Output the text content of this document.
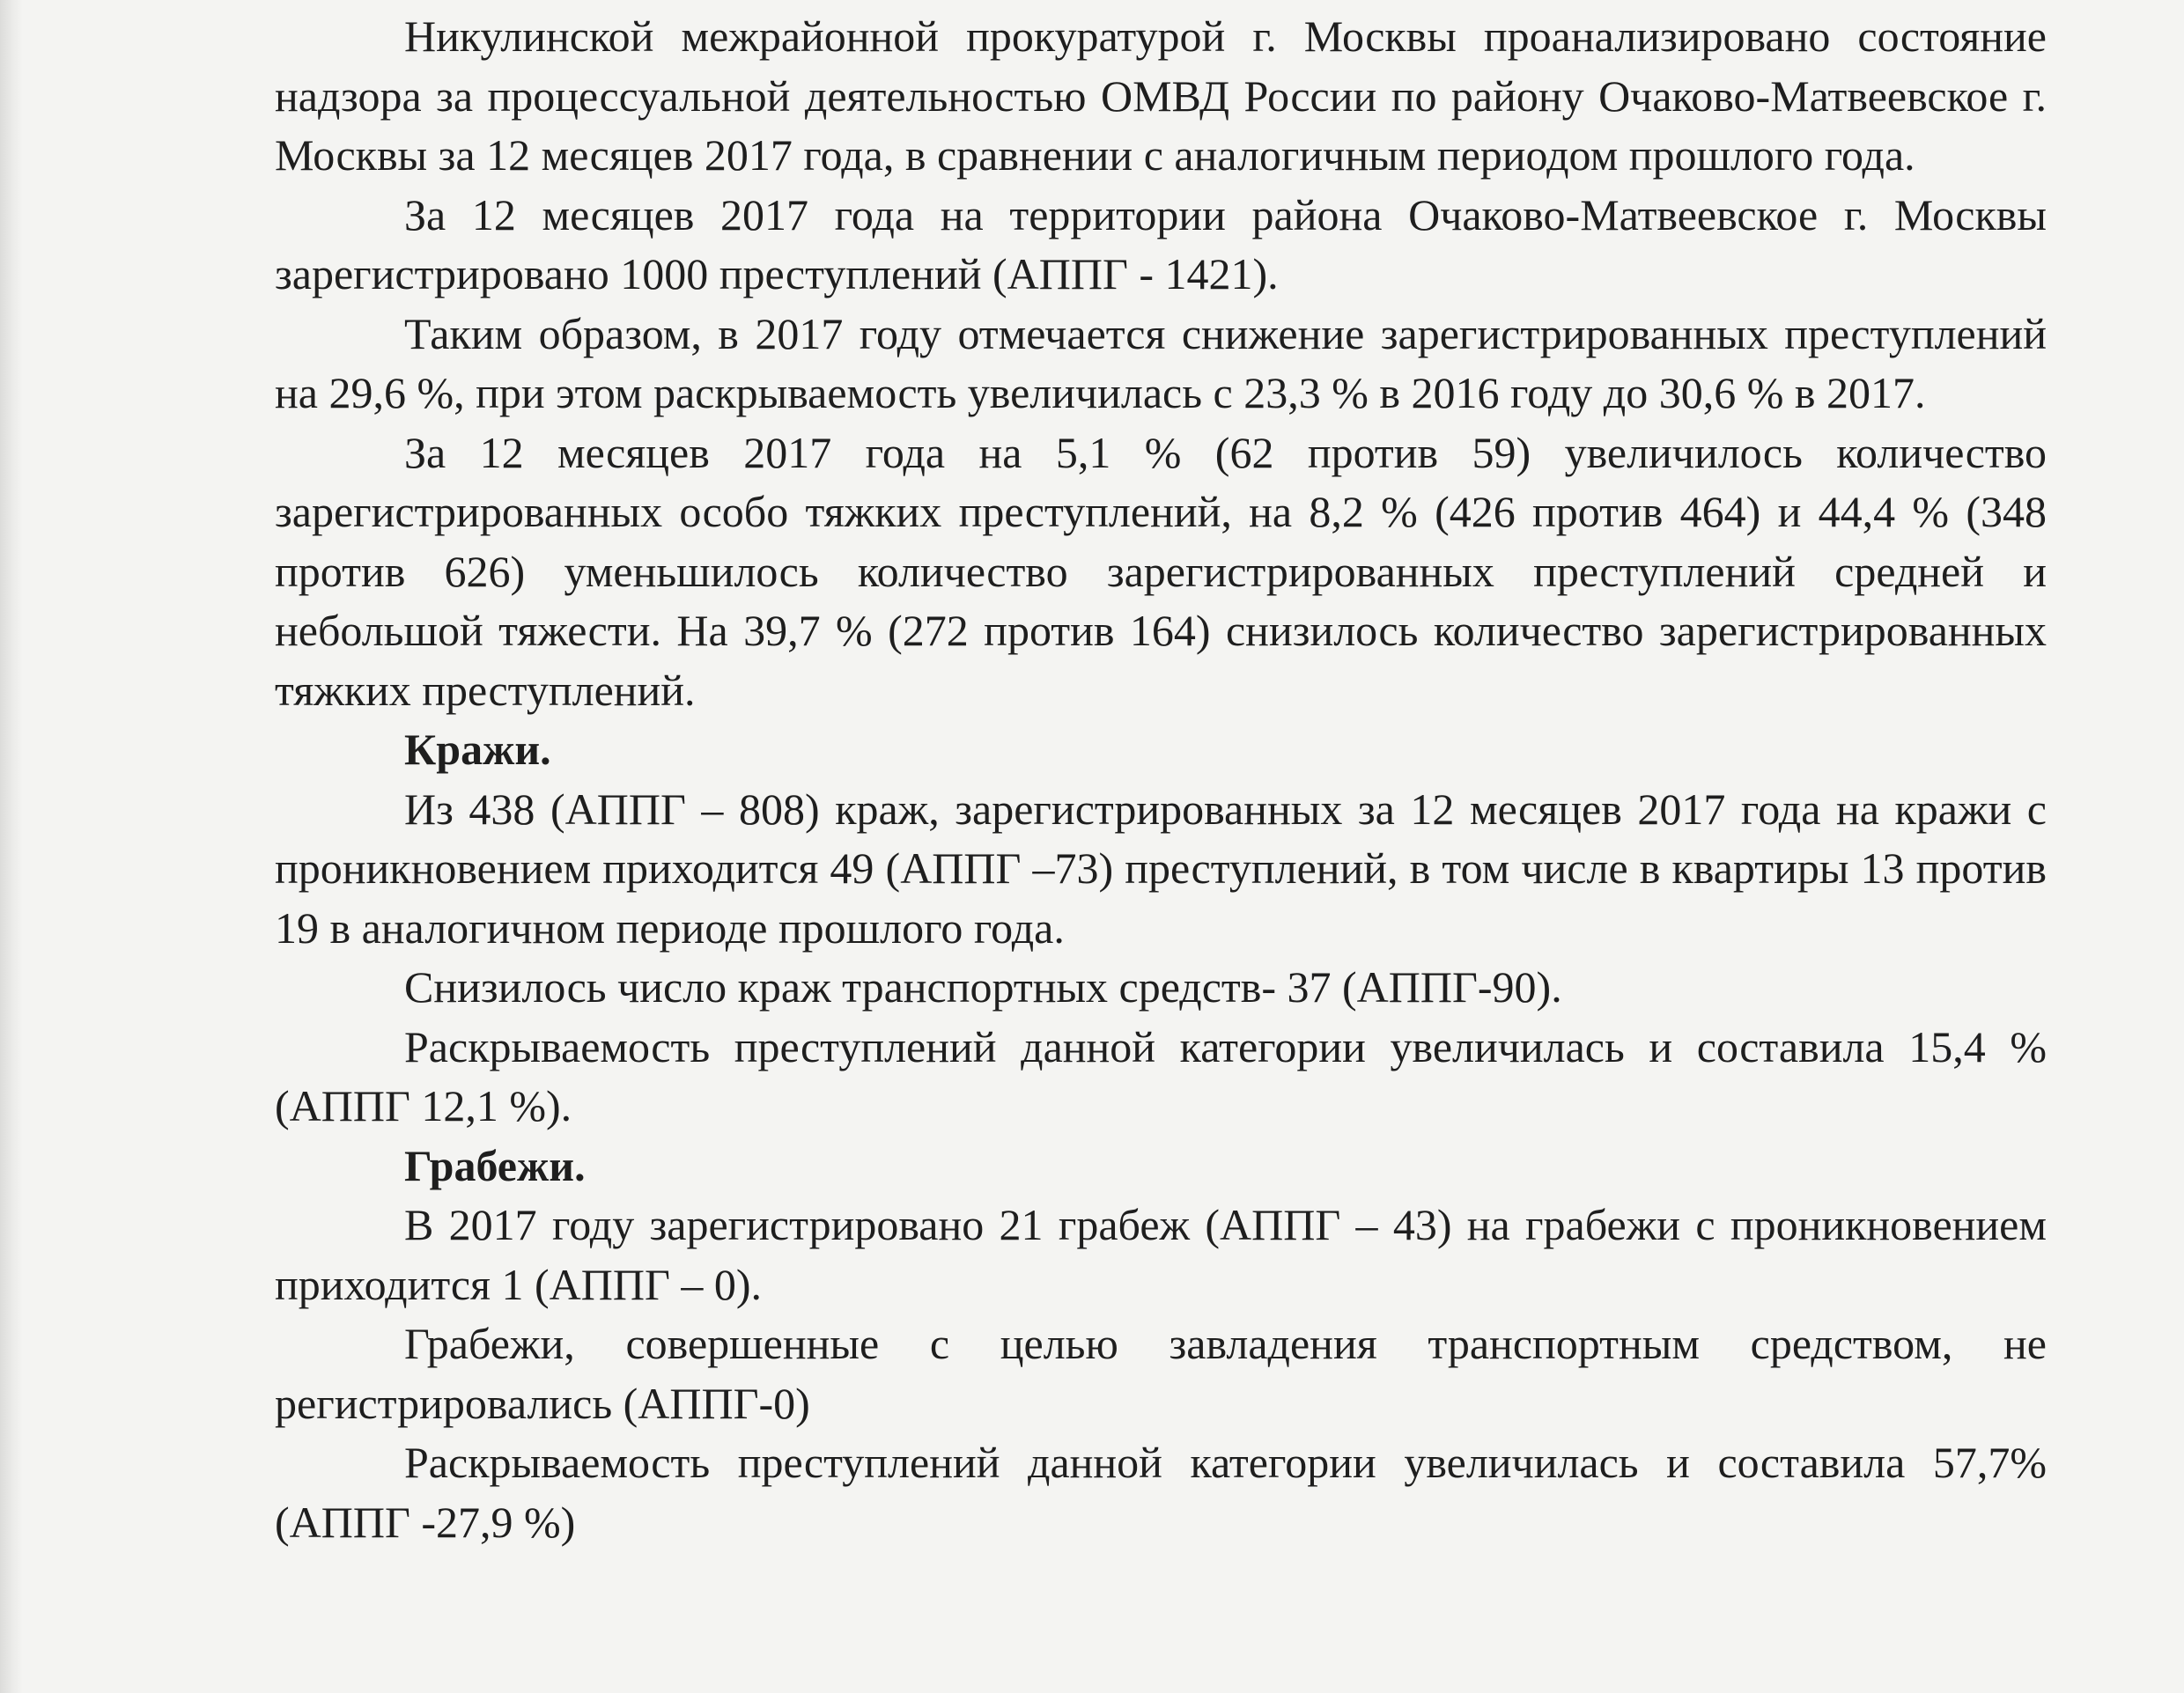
Никулинской межрайонной прокуратурой г. Москвы проанализировано состояние надзора за процессуальной деятельностью ОМВД России по району Очаково-Матвеевское г. Москвы за 12 месяцев 2017 года, в сравнении с аналогичным периодом прошлого года.

За 12 месяцев 2017 года на территории района Очаково-Матвеевское г. Москвы зарегистрировано 1000 преступлений (АППГ - 1421).

Таким образом, в 2017 году отмечается снижение зарегистрированных преступлений на 29,6 %, при этом раскрываемость увеличилась с 23,3 % в 2016 году до 30,6 % в 2017.

За 12 месяцев 2017 года на 5,1 % (62 против 59) увеличилось количество зарегистрированных особо тяжких преступлений, на 8,2 % (426 против 464) и 44,4 % (348 против 626) уменьшилось количество зарегистрированных преступлений средней и небольшой тяжести. На 39,7 % (272 против 164) снизилось количество зарегистрированных тяжких преступлений.

Кражи.

Из 438 (АППГ – 808) краж, зарегистрированных за 12 месяцев 2017 года на кражи с проникновением приходится 49 (АППГ –73) преступлений, в том числе в квартиры 13 против 19 в аналогичном периоде прошлого года.

Снизилось число краж транспортных средств- 37 (АППГ-90).

Раскрываемость преступлений данной категории увеличилась и составила 15,4 % (АППГ 12,1 %).

Грабежи.

В 2017 году зарегистрировано 21 грабеж (АППГ – 43) на грабежи с проникновением приходится 1 (АППГ – 0).

Грабежи, совершенные с целью завладения транспортным средством, не регистрировались (АППГ-0)

Раскрываемость преступлений данной категории увеличилась и составила 57,7% (АППГ -27,9 %)
